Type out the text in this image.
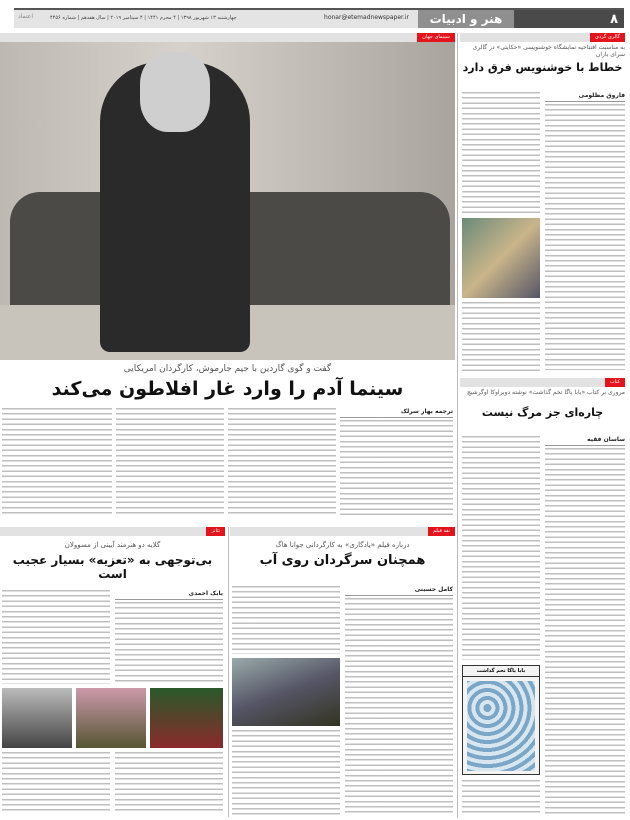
۸
هنر و ادبیات
honar@etemadnewspaper.ir
چهارشنبه ۱۳ شهریور ۱۳۹۸ | ۴ محرم ۱۴۴۱ | ۴ سپتامبر ۲۰۱۹ | سال هفدهم | شماره ۴۴۵۶
اعتماد
گالری گردی
به مناسبت افتتاحیه نمایشگاه خوشنویسی «حکایتی» در گالری سرای باران
خطاط با خوشنویس فرق دارد
فاروق مظلومی
کتاب
مروری بر کتاب «بابا یاگا تخم گذاشت» نوشته دوبراوکا اوگرشیچ
چاره‌ای جز مرگ نیست
ساسان فقیه
بابا یاگا تخم گذاشت
سینمای جهان
گفت و گوی گاردین با جیم جارموش، کارگردان امریکایی
سینما آدم را وارد غار افلاطون می‌کند
ترجمه بهار سرلک
نقد فیلم
درباره فیلم «یادگاری» به کارگردانی جوانا هاگ
همچنان سرگردان روی آب
کامل حسینی
تئاتر
گلایه دو هنرمند آیینی از مسوولان
بی‌توجهی به «تعزیه» بسیار عجیب است
بابک احمدی
